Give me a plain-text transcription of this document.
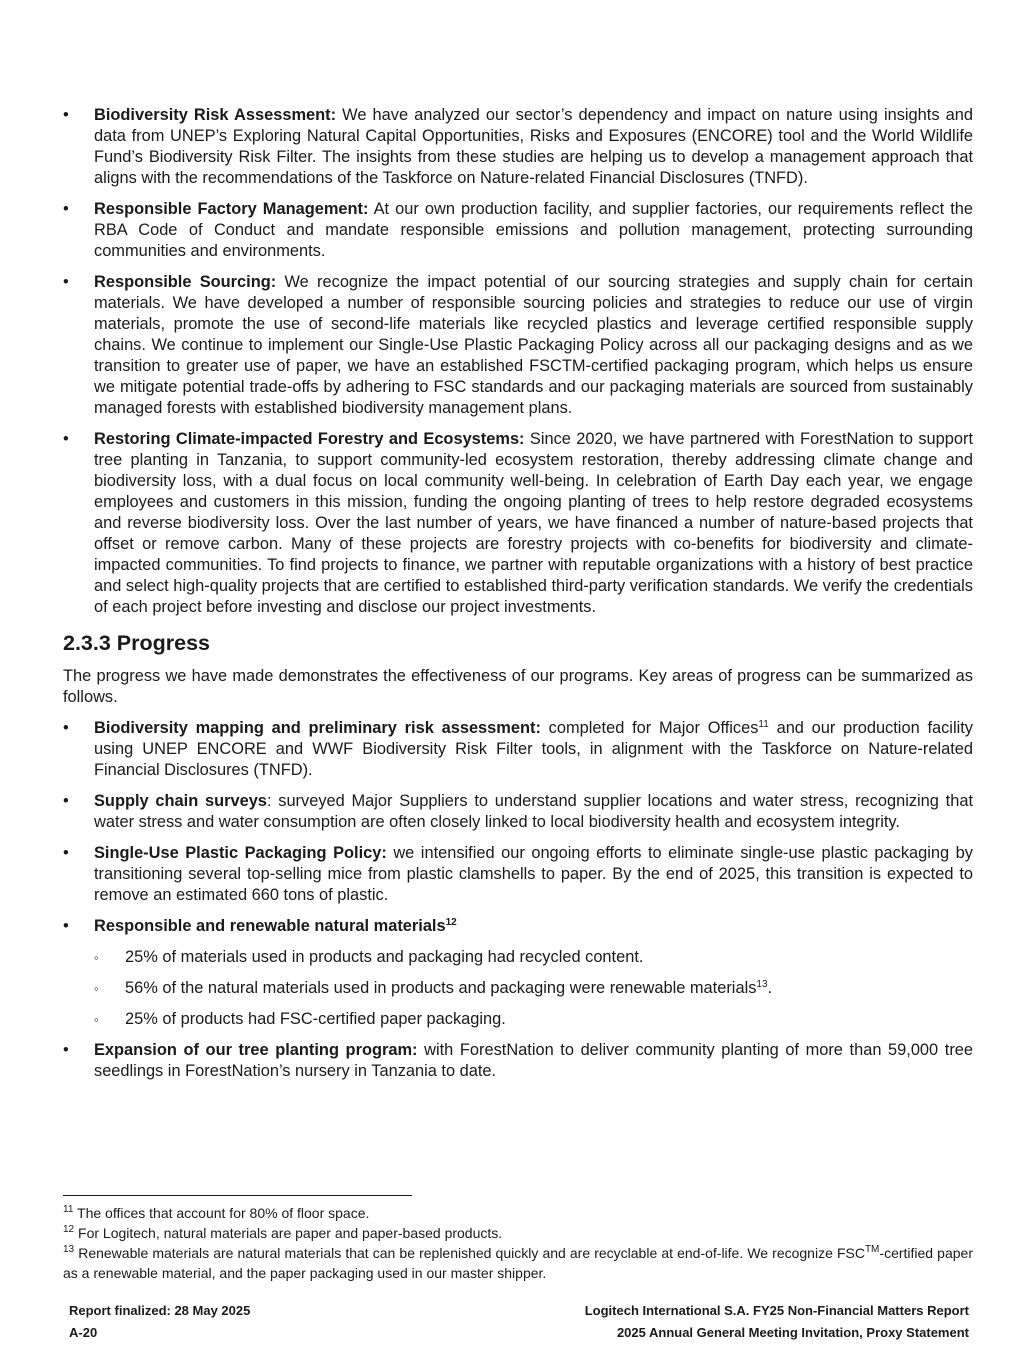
• Biodiversity Risk Assessment: We have analyzed our sector’s dependency and impact on nature using insights and data from UNEP’s Exploring Natural Capital Opportunities, Risks and Exposures (ENCORE) tool and the World Wildlife Fund’s Biodiversity Risk Filter. The insights from these studies are helping us to develop a management approach that aligns with the recommendations of the Taskforce on Nature-related Financial Disclosures (TNFD).
• Responsible Factory Management: At our own production facility, and supplier factories, our requirements reflect the RBA Code of Conduct and mandate responsible emissions and pollution management, protecting surrounding communities and environments.
• Responsible Sourcing: We recognize the impact potential of our sourcing strategies and supply chain for certain materials. We have developed a number of responsible sourcing policies and strategies to reduce our use of virgin materials, promote the use of second-life materials like recycled plastics and leverage certified responsible supply chains. We continue to implement our Single-Use Plastic Packaging Policy across all our packaging designs and as we transition to greater use of paper, we have an established FSCTM-certified packaging program, which helps us ensure we mitigate potential trade-offs by adhering to FSC standards and our packaging materials are sourced from sustainably managed forests with established biodiversity management plans.
• Restoring Climate-impacted Forestry and Ecosystems: Since 2020, we have partnered with ForestNation to support tree planting in Tanzania, to support community-led ecosystem restoration, thereby addressing climate change and biodiversity loss, with a dual focus on local community well-being. In celebration of Earth Day each year, we engage employees and customers in this mission, funding the ongoing planting of trees to help restore degraded ecosystems and reverse biodiversity loss. Over the last number of years, we have financed a number of nature-based projects that offset or remove carbon. Many of these projects are forestry projects with co-benefits for biodiversity and climate-impacted communities. To find projects to finance, we partner with reputable organizations with a history of best practice and select high-quality projects that are certified to established third-party verification standards. We verify the credentials of each project before investing and disclose our project investments.
2.3.3 Progress

The progress we have made demonstrates the effectiveness of our programs. Key areas of progress can be summarized as follows.

• Biodiversity mapping and preliminary risk assessment: completed for Major Offices$^{11}$ and our production facility using UNEP ENCORE and WWF Biodiversity Risk Filter tools, in alignment with the Taskforce on Nature-related Financial Disclosures (TNFD).
• Supply chain surveys: surveyed Major Suppliers to understand supplier locations and water stress, recognizing that water stress and water consumption are often closely linked to local biodiversity health and ecosystem integrity.
• Single-Use Plastic Packaging Policy: we intensified our ongoing efforts to eliminate single-use plastic packaging by transitioning several top-selling mice from plastic clamshells to paper. By the end of 2025, this transition is expected to remove an estimated 660 tons of plastic.
• Responsible and renewable natural materials$^{12}$
◦ 25% of materials used in products and packaging had recycled content.
◦ 56% of the natural materials used in products and packaging were renewable materials$^{13}$.
◦ 25% of products had FSC-certified paper packaging.
• Expansion of our tree planting program: with ForestNation to deliver community planting of more than 59,000 tree seedlings in ForestNation’s nursery in Tanzania to date.
$^{11}$ The offices that account for 80% of floor space.
$^{12}$ For Logitech, natural materials are paper and paper-based products.
$^{13}$ Renewable materials are natural materials that can be replenished quickly and are recyclable at end-of-life. We recognize FSC™-certified paper as a renewable material, and the paper packaging used in our master shipper.
Report finalized: 28 May 2025	Logitech International S.A. FY25 Non-Financial Matters Report
A-20	2025 Annual General Meeting Invitation, Proxy Statement
